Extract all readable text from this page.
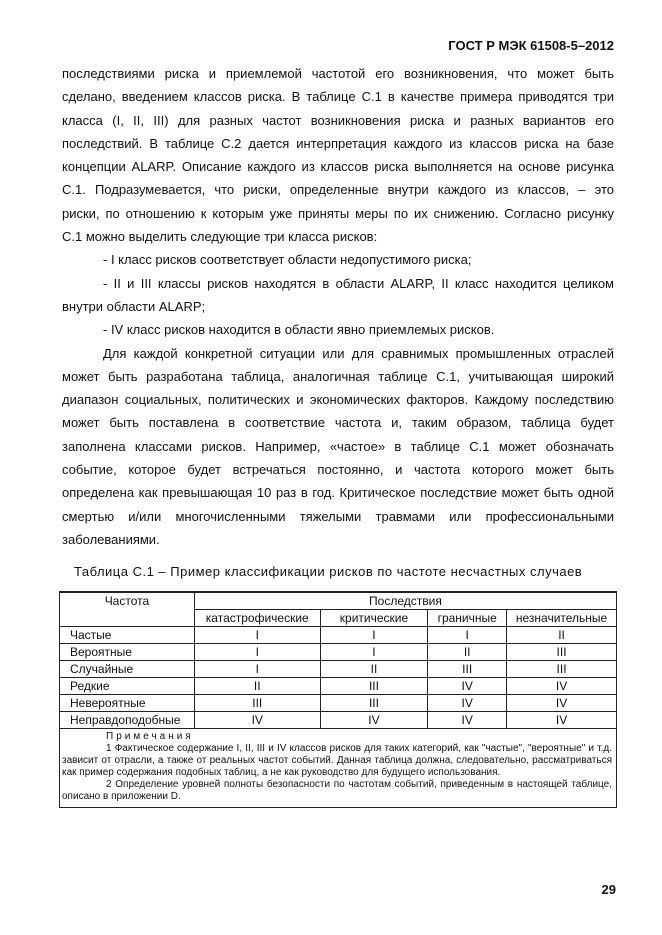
ГОСТ Р МЭК 61508-5–2012
последствиями риска и приемлемой частотой его возникновения, что может быть
сделано, введением классов риска. В таблице С.1 в качестве примера приводятся три
класса (I, II, III) для разных частот возникновения риска и разных вариантов его
последствий. В таблице С.2 дается интерпретация каждого из классов риска на базе
концепции ALARP. Описание каждого из классов риска выполняется на основе рисунка
С.1. Подразумевается, что риски, определенные внутри каждого из классов, – это
риски, по отношению к которым уже приняты меры по их снижению. Согласно рисунку
С.1 можно выделить следующие три класса рисков:
- I класс рисков соответствует области недопустимого риска;
- II и III классы рисков находятся в области ALARP, II класс находится целиком
внутри области ALARP;
- IV класс рисков находится в области явно приемлемых рисков.
Для каждой конкретной ситуации или для сравнимых промышленных отраслей
может быть разработана таблица, аналогичная таблице С.1, учитывающая широкий
диапазон социальных, политических и экономических факторов. Каждому последствию
может быть поставлена в соответствие частота и, таким образом, таблица будет
заполнена классами рисков. Например, «частое» в таблице С.1 может обозначать
событие, которое будет встречаться постоянно, и частота которого может быть
определена как превышающая 10 раз в год. Критическое последствие может быть одной
смертью и/или многочисленными тяжелыми травмами или профессиональными
заболеваниями.
Таблица С.1 – Пример классификации рисков по частоте несчастных случаев
Частота	Последствия			
	катастрофические	критические	граничные	незначительные
Частые	I	I	I	II
Вероятные	I	I	II	III
Случайные	I	II	III	III
Редкие	II	III	IV	IV
Невероятные	III	III	IV	IV
Неправдоподобные	IV	IV	IV	IV

Примечания
1 Фактическое содержание I, II, III и IV классов рисков для таких категорий, как "частые", "вероятные" и т.д. зависит от отрасли, а также от реальных частот событий. Данная таблица должна, следовательно, рассматриваться как пример содержания подобных таблиц, а не как руководство для будущего использования.
2 Определение уровней полноты безопасности по частотам событий, приведенным в настоящей таблице, описано в приложении D.				
29
